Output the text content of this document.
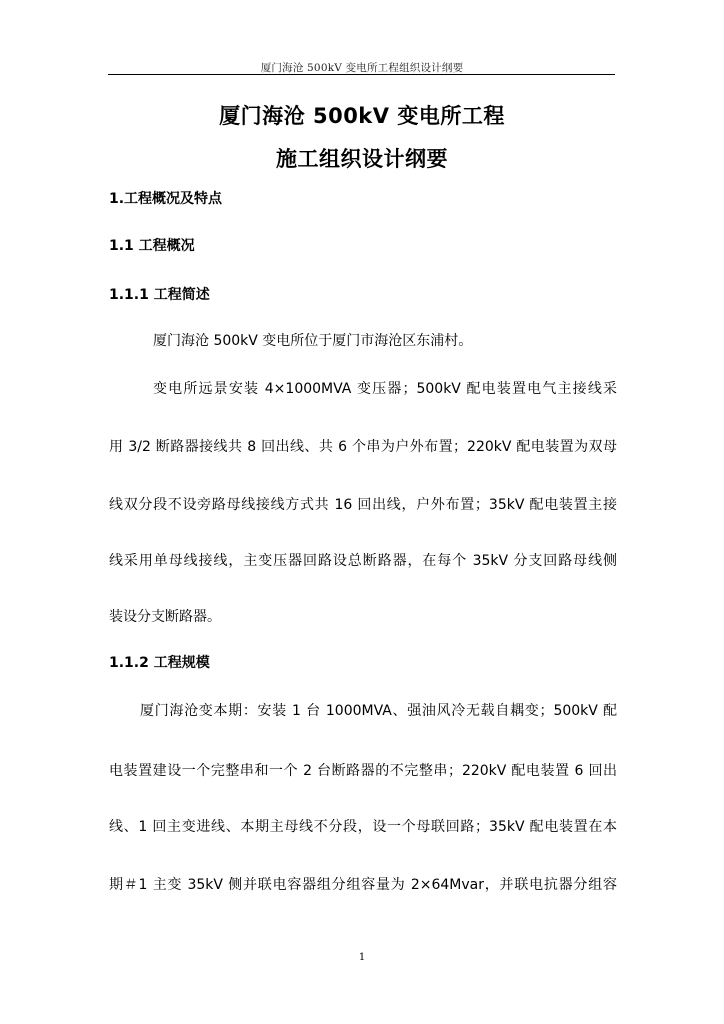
厦门海沧 500kV 变电所工程组织设计纲要
厦门海沧 500kV 变电所工程
施工组织设计纲要
1.工程概况及特点
1.1 工程概况
1.1.1 工程简述
厦门海沧 500kV 变电所位于厦门市海沧区东浦村。
变电所远景安装 4×1000MVA 变压器；500kV 配电装置电气主接线采
用 3/2 断路器接线共 8 回出线、共 6 个串为户外布置；220kV 配电装置为双母
线双分段不设旁路母线接线方式共 16 回出线，户外布置；35kV 配电装置主接
线采用单母线接线，主变压器回路设总断路器，在每个 35kV 分支回路母线侧
装设分支断路器。
1.1.2 工程规模
厦门海沧变本期：安装 1 台 1000MVA、强油风冷无载自耦变；500kV 配
电装置建设一个完整串和一个 2 台断路器的不完整串；220kV 配电装置 6 回出
线、1 回主变进线、本期主母线不分段，设一个母联回路；35kV 配电装置在本
期＃1 主变 35kV 侧并联电容器组分组容量为 2×64Mvar，并联电抗器分组容
1
